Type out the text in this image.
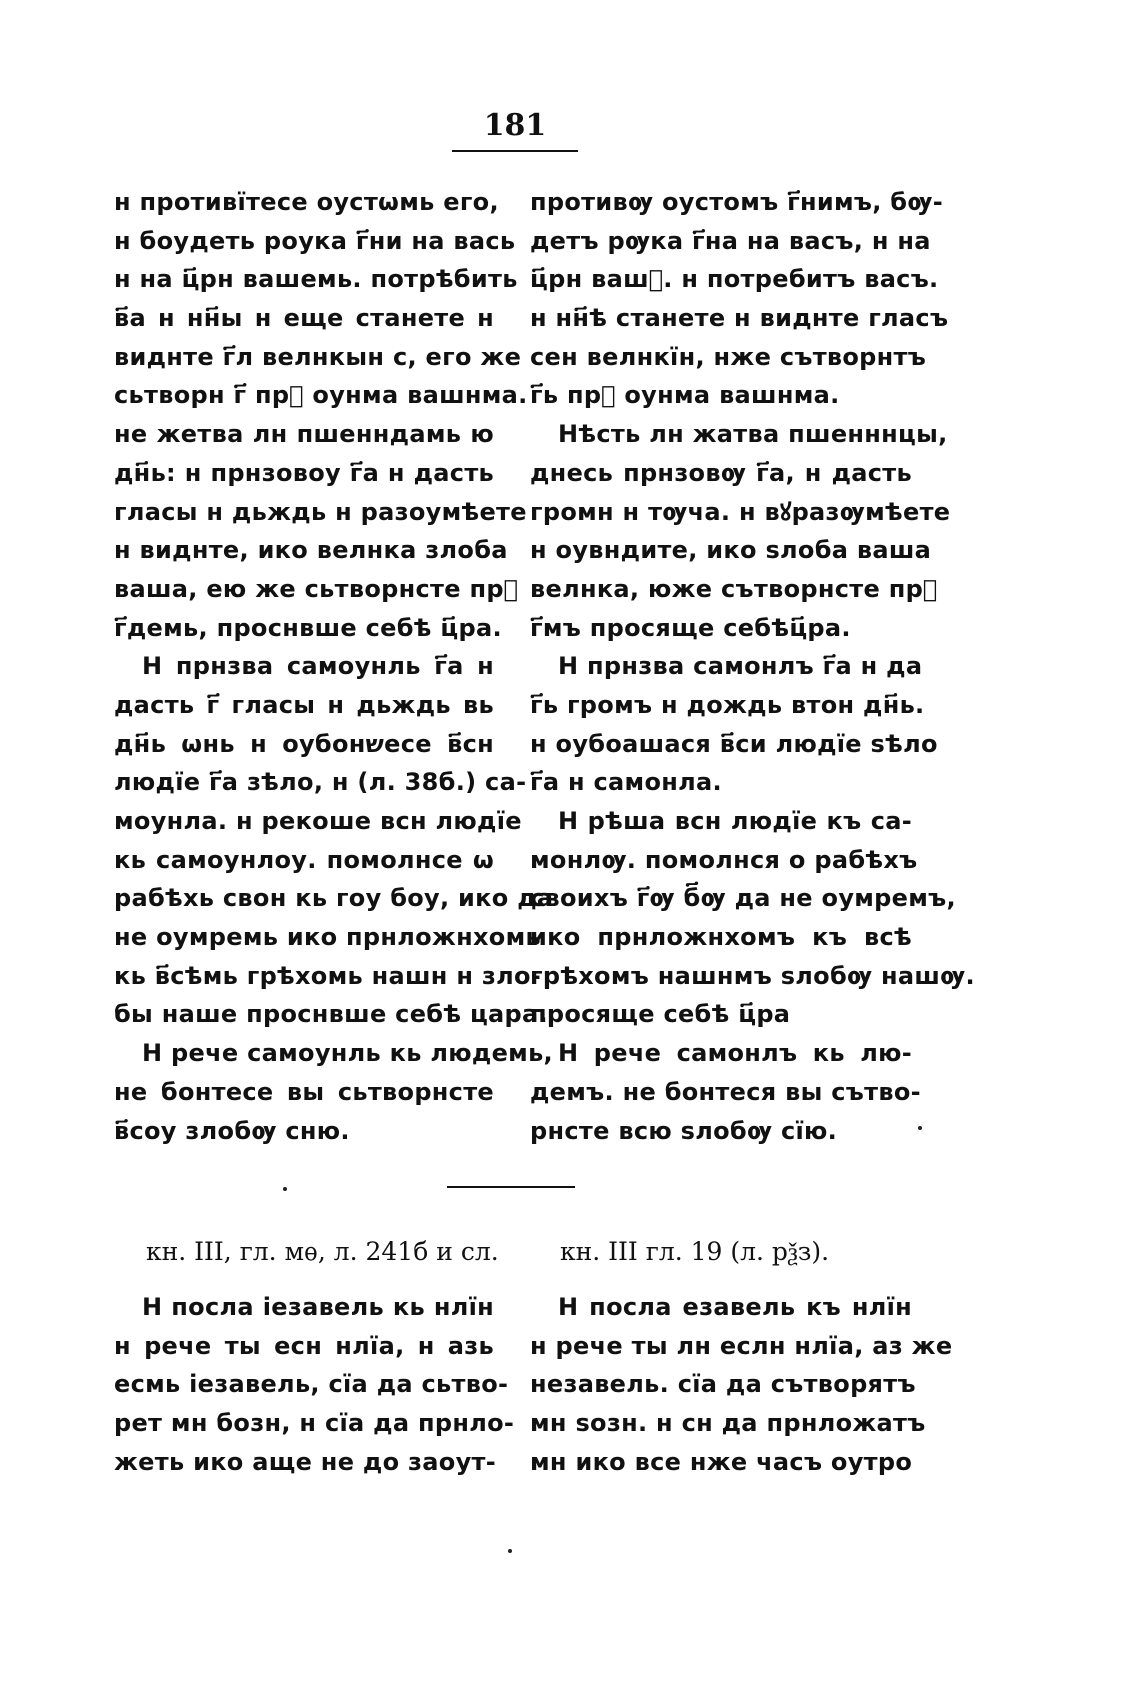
181
н противїтесе оустѡмь его,
н боудеть роука г҃ни на вась
н на ц҃рн вашемь. потрѣбить
в҃а н нн҃ы н еще станете н
виднте г҃л велнкын с, его же
сьтворн г҃ прⷣ оунма вашнма.
не жетва лн пшенндамь ю
дн҃ь: н прнзовоу г҃а н дасть
гласы н дьждь н разоумѣете
н виднте, ико велнка злоба
ваша, ею же сьтворнсте прⷣ
г҃демь, проснвше себѣ ц҃ра.
Н прнзва самоунль г҃а н
дасть г҃ гласы н дьждь вь
дн҃ь ѡнь н оубонשесе в҃сн
людїе г҃а зѣло, н (л. 38б.) са-
моунла. н рекоше всн людїе
кь самоунлоу. помолнсе ѡ
рабѣхь свон кь гоу боу, ико да
не оумремь ико прнложнхомь
кь в҃сѣмь грѣхомь нашн н зло-
бы наше проснвше себѣ цара.
Н рече самоунль кь людемь,
не бонтесе вы сьтворнсте
в҃соу злобѹ сню.
противѹ оустомъ г҃нимъ, бѹ-
детъ рѹка г҃на на васъ, н на
ц҃рн вашⷷ. н потребитъ васъ.
н нн҃ѣ станете н виднте гласъ
сен велнкїн, нже сътворнтъ
г҃ь прⷣ оунма вашнма.
Нѣсть лн жатва пшенннцы,
днесь прнзовѹ г҃а, н дасть
громн н тѹча. н вꙋразѹмѣете
н оувндите, ико ѕлоба ваша
велнка, юже сътворнсте прⷣ
г҃мъ просяще себѣц҃ра.
Н прнзва самонлъ г҃а н да
г҃ь громъ н дождь втон дн҃ь.
н оубоашася в҃си людїе ѕѣло
г҃а н самонла.
Н рѣша всн людїе къ са-
монлѹ. помолнся о рабѣхъ
своихъ г҃ѹ б҃ѹ да не оумремъ,
ико прнложнхомъ къ всѣ
грѣхомъ нашнмъ ѕлобѹ нашѹ.
просяще себѣ ц҃ра
Н рече самонлъ кь лю-
демъ. не бонтеся вы сътво-
рнсте всю ѕлобѹ сїю.
кн. III, гл. мѳ, л. 241б и сл. кн. III гл. 19 (л. рѯз).
Н посла iезавель кь нлїн
н рече ты есн нлїа, н азь
есмь iезавель, сїа да сьтво-
рет мн бозн, н сїа да прнло-
жеть ико аще не до заоут-
Н посла езавель къ нлїн
н рече ты лн еслн нлїа, аз же
незавель. сїа да сътворятъ
мн ѕозн. н сн да прнложатъ
мн ико все нже часъ оутро
